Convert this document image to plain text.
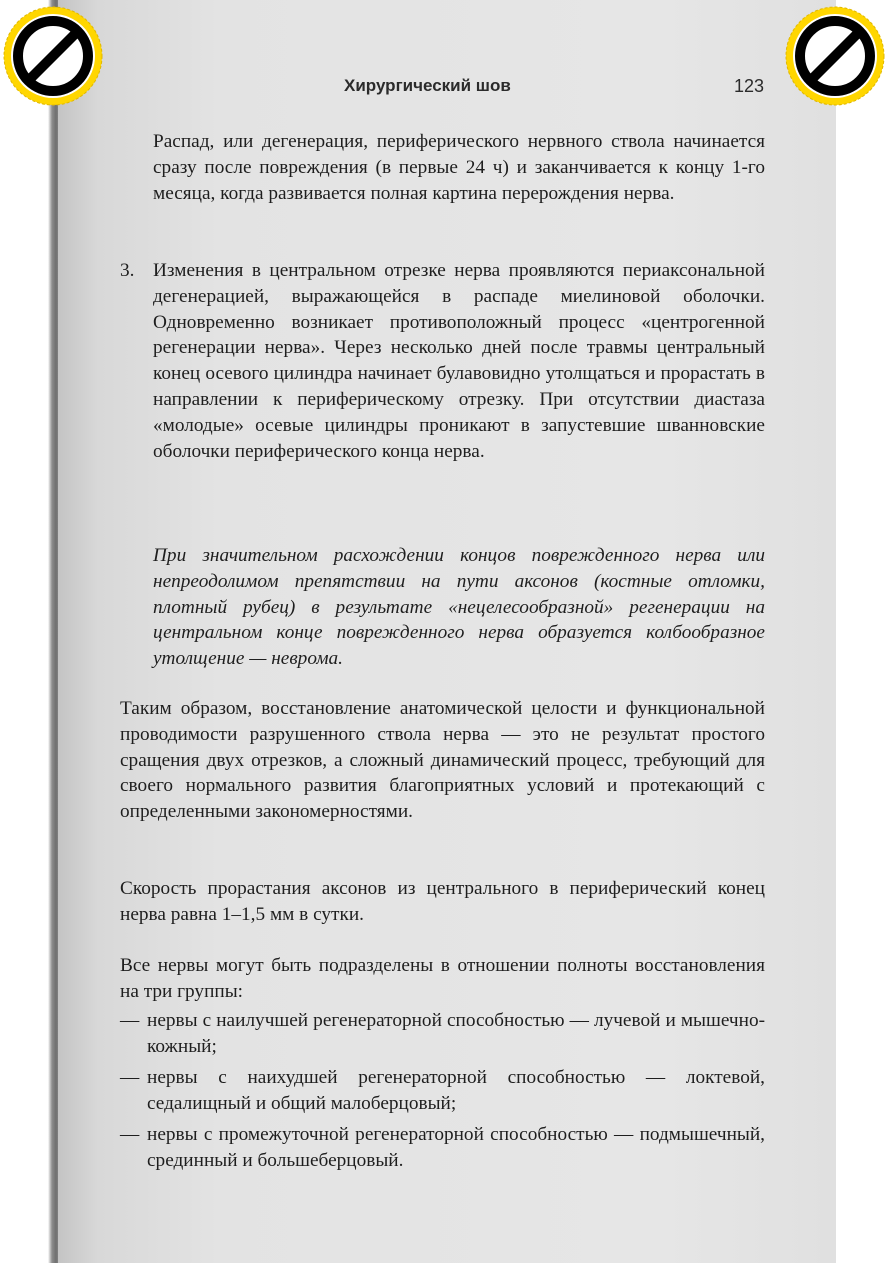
Хирургический шов	123

Распад, или дегенерация, периферического нервного ствола начинается сразу после повреждения (в первые 24 ч) и заканчивается к концу 1-го месяца, когда развивается полная картина перерождения нерва.

3. Изменения в центральном отрезке нерва проявляются периаксональной дегенерацией, выражающейся в распаде миелиновой оболочки. Одновременно возникает противоположный процесс «центрогенной регенерации нерва». Через несколько дней после травмы центральный конец осевого цилиндра начинает булавовидно утолщаться и прорастать в направлении к периферическому отрезку. При отсутствии диастаза «молодые» осевые цилиндры проникают в запустевшие шванновские оболочки периферического конца нерва.

При значительном расхождении концов поврежденного нерва или непреодолимом препятствии на пути аксонов (костные отломки, плотный рубец) в результате «нецелесообразной» регенерации на центральном конце поврежденного нерва образуется колбообразное утолщение — неврома.

Таким образом, восстановление анатомической целости и функциональной проводимости разрушенного ствола нерва — это не результат простого сращения двух отрезков, а сложный динамический процесс, требующий для своего нормального развития благоприятных условий и протекающий с определенными закономерностями.

Скорость прорастания аксонов из центрального в периферический конец нерва равна 1–1,5 мм в сутки.

Все нервы могут быть подразделены в отношении полноты восстановления на три группы:

— нервы с наилучшей регенераторной способностью — лучевой и мышечно-кожный;
— нервы с наихудшей регенераторной способностью — локтевой, седалищный и общий малоберцовый;
— нервы с промежуточной регенераторной способностью — подмышечный, срединный и большеберцовый.
